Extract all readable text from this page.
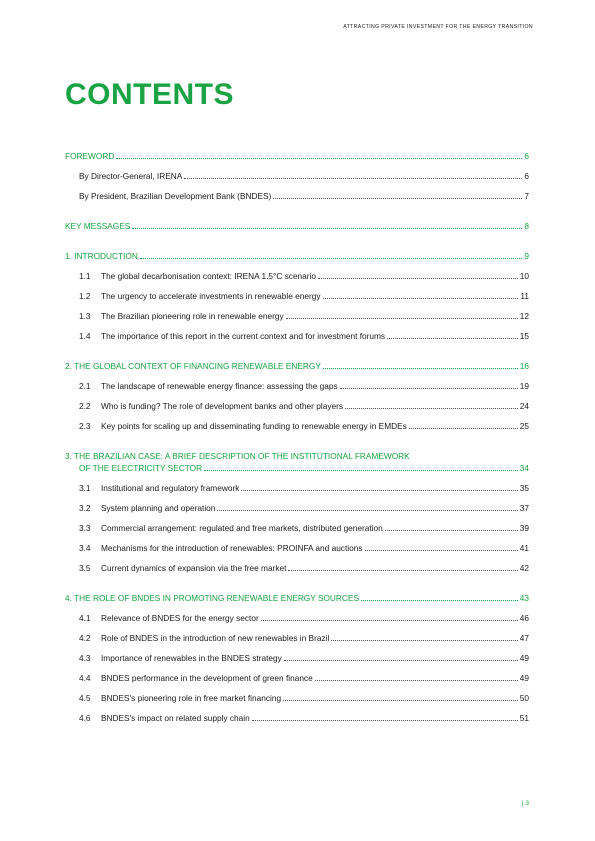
ATTRACTING PRIVATE INVESTMENT FOR THE ENERGY TRANSITION
CONTENTS
FOREWORD	6
By Director-General, IRENA	6
By President, Brazilian Development Bank (BNDES)	7
KEY MESSAGES	8
1. INTRODUCTION	9
1.1	The global decarbonisation context: IRENA 1.5°C scenario	10
1.2	The urgency to accelerate investments in renewable energy	11
1.3	The Brazilian pioneering role in renewable energy	12
1.4	The importance of this report in the current context and for investment forums	15
2. THE GLOBAL CONTEXT OF FINANCING RENEWABLE ENERGY	16
2.1	The landscape of renewable energy finance: assessing the gaps	19
2.2	Who is funding? The role of development banks and other players	24
2.3	Key points for scaling up and disseminating funding to renewable energy in EMDEs	25
3. THE BRAZILIAN CASE: A BRIEF DESCRIPTION OF THE INSTITUTIONAL FRAMEWORK
OF THE ELECTRICITY SECTOR	34
3.1	Institutional and regulatory framework	35
3.2	System planning and operation	37
3.3	Commercial arrangement: regulated and free markets, distributed generation	39
3.4	Mechanisms for the introduction of renewables: PROINFA and auctions	41
3.5	Current dynamics of expansion via the free market	42
4. THE ROLE OF BNDES IN PROMOTING RENEWABLE ENERGY SOURCES	43
4.1	Relevance of BNDES for the energy sector	46
4.2	Role of BNDES in the introduction of new renewables in Brazil	47
4.3	Importance of renewables in the BNDES strategy	49
4.4	BNDES performance in the development of green finance	49
4.5	BNDES's pioneering role in free market financing	50
4.6	BNDES's impact on related supply chain	51
| 3
